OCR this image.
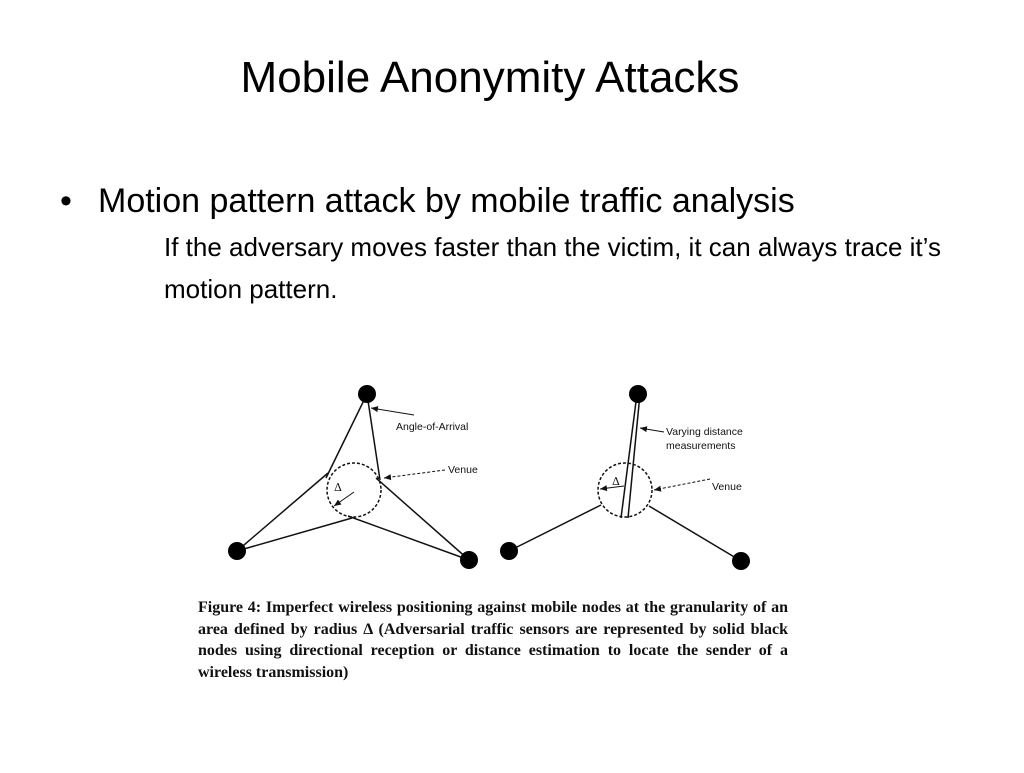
Mobile Anonymity Attacks
• Motion pattern attack by mobile traffic analysis
If the adversary moves faster than the victim, it can always trace it’s motion pattern.
Angle-of-Arrival
Venue
Δ
Varying distance
measurements
Venue
Δ
Figure 4: Imperfect wireless positioning against mobile nodes at the granularity of an area defined by radius Δ (Adversarial traffic sensors are represented by solid black nodes using directional reception or distance estimation to locate the sender of a wireless transmission)
